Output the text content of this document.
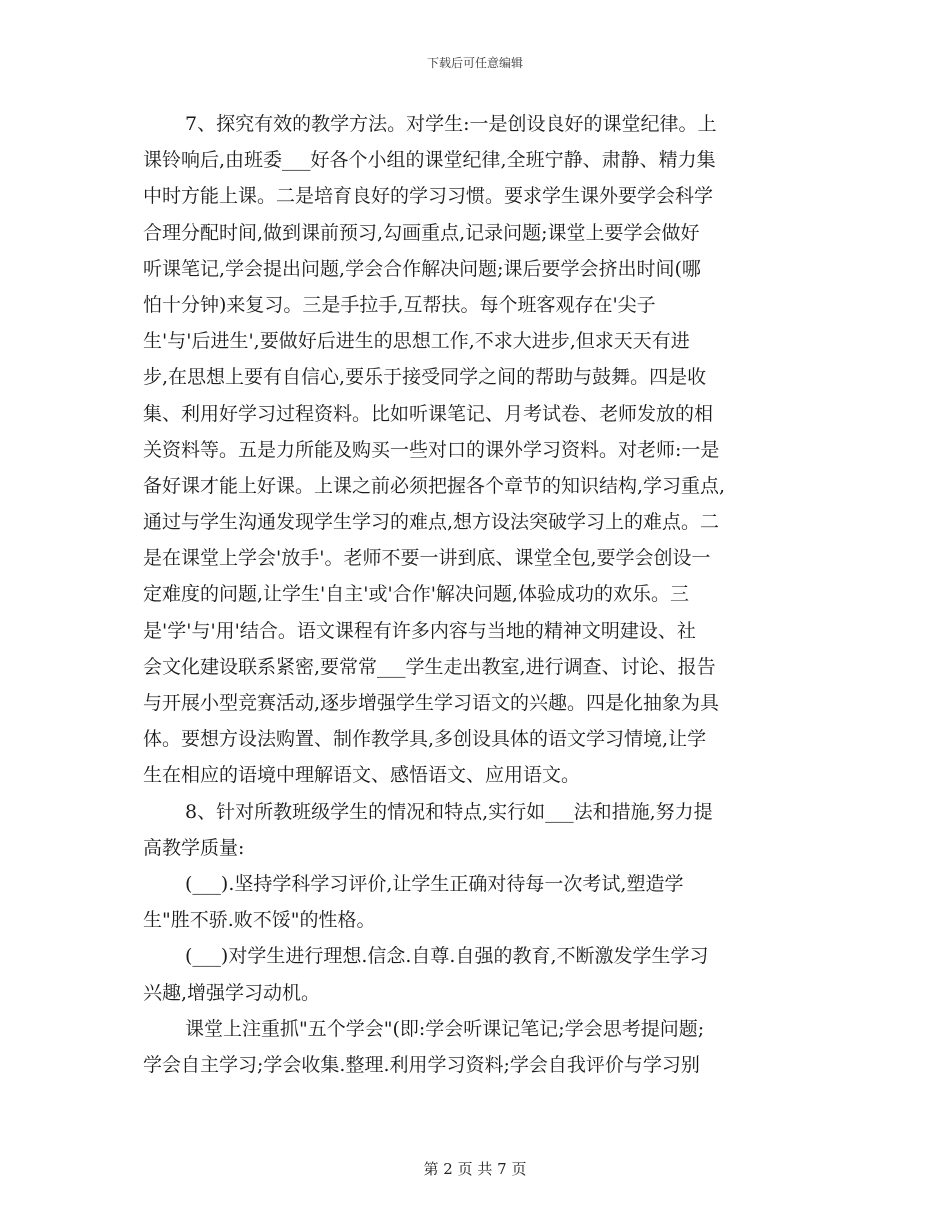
下载后可任意编辑
7、探究有效的教学方法。对学生:一是创设良好的课堂纪律。上
课铃响后,由班委___好各个小组的课堂纪律,全班宁静、肃静、精力集
中时方能上课。二是培育良好的学习习惯。要求学生课外要学会科学
合理分配时间,做到课前预习,勾画重点,记录问题;课堂上要学会做好
听课笔记,学会提出问题,学会合作解决问题;课后要学会挤出时间(哪
怕十分钟)来复习。三是手拉手,互帮扶。每个班客观存在'尖子
生'与'后进生',要做好后进生的思想工作,不求大进步,但求天天有进
步,在思想上要有自信心,要乐于接受同学之间的帮助与鼓舞。四是收
集、利用好学习过程资料。比如听课笔记、月考试卷、老师发放的相
关资料等。五是力所能及购买一些对口的课外学习资料。对老师:一是
备好课才能上好课。上课之前必须把握各个章节的知识结构,学习重点,
通过与学生沟通发现学生学习的难点,想方设法突破学习上的难点。二
是在课堂上学会'放手'。老师不要一讲到底、课堂全包,要学会创设一
定难度的问题,让学生'自主'或'合作'解决问题,体验成功的欢乐。三
是'学'与'用'结合。语文课程有许多内容与当地的精神文明建设、社
会文化建设联系紧密,要常常___学生走出教室,进行调查、讨论、报告
与开展小型竞赛活动,逐步增强学生学习语文的兴趣。四是化抽象为具
体。要想方设法购置、制作教学具,多创设具体的语文学习情境,让学
生在相应的语境中理解语文、感悟语文、应用语文。
8、针对所教班级学生的情况和特点,实行如___法和措施,努力提
高教学质量:
(___).坚持学科学习评价,让学生正确对待每一次考试,塑造学
生"胜不骄.败不馁"的性格。
(___)对学生进行理想.信念.自尊.自强的教育,不断激发学生学习
兴趣,增强学习动机。
课堂上注重抓"五个学会"(即:学会听课记笔记;学会思考提问题;
学会自主学习;学会收集.整理.利用学习资料;学会自我评价与学习别
第 2 页 共 7 页
